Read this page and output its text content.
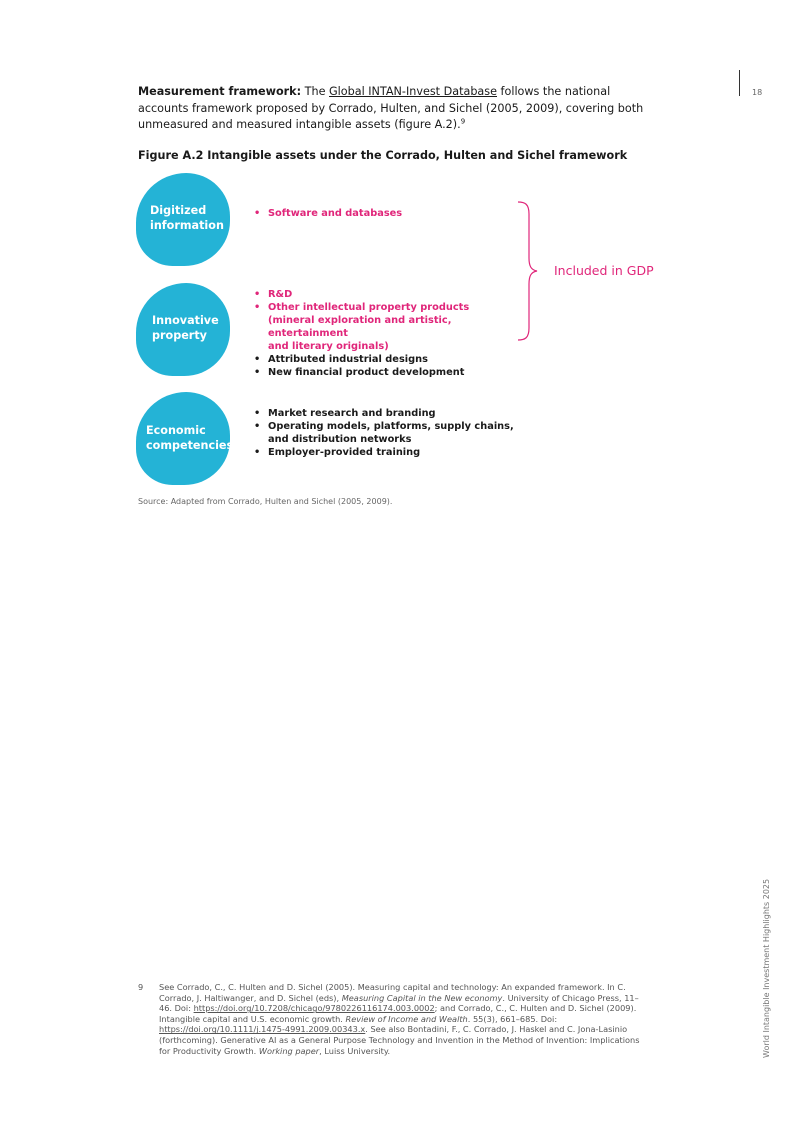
18
World Intangible Investment Highlights 2025

Measurement framework: The Global INTAN-Invest Database follows the national accounts framework proposed by Corrado, Hulten, and Sichel (2005, 2009), covering both unmeasured and measured intangible assets (figure A.2).$^9$

Figure A.2 Intangible assets under the Corrado, Hulten and Sichel framework
Digitized
information
Innovative
property
Economic
competencies
• Software and databases
• R&D
• Other intellectual property products
(mineral exploration and artistic, entertainment
and literary originals)
• Attributed industrial designs
• New financial product development
• Market research and branding
• Operating models, platforms, supply chains,
and distribution networks
• Employer-provided training
Included in GDP
Source: Adapted from Corrado, Hulten and Sichel (2005, 2009).
9 See Corrado, C., C. Hulten and D. Sichel (2005). Measuring capital and technology: An expanded framework. In C. Corrado, J. Haltiwanger, and D. Sichel (eds), Measuring Capital in the New economy. University of Chicago Press, 11–46. Doi: https://doi.org/10.7208/chicago/9780226116174.003.0002; and Corrado, C., C. Hulten and D. Sichel (2009). Intangible capital and U.S. economic growth. Review of Income and Wealth. 55(3), 661–685. Doi: https://doi.org/10.1111/j.1475-4991.2009.00343.x. See also Bontadini, F., C. Corrado, J. Haskel and C. Jona-Lasinio (forthcoming). Generative AI as a General Purpose Technology and Invention in the Method of Invention: Implications for Productivity Growth. Working paper, Luiss University.
